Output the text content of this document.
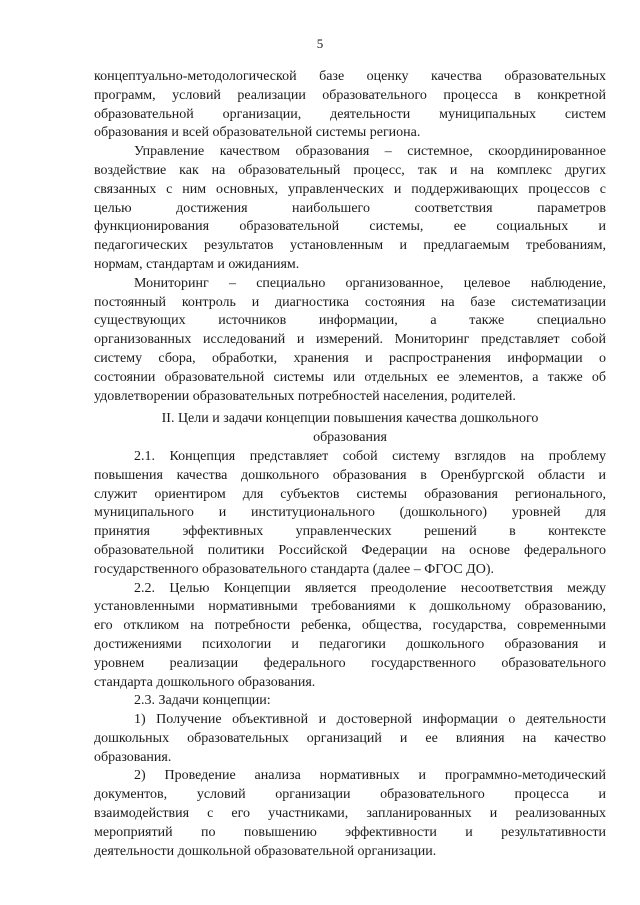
5
концептуально-методологической базе оценку качества образовательных
программ, условий реализации образовательного процесса в конкретной
образовательной организации, деятельности муниципальных систем
образования и всей образовательной системы региона.
Управление качеством образования – системное, скоординированное
воздействие как на образовательный процесс, так и на комплекс других
связанных с ним основных, управленческих и поддерживающих процессов с
целью достижения наибольшего соответствия параметров
функционирования образовательной системы, ее социальных и
педагогических результатов установленным и предлагаемым требованиям,
нормам, стандартам и ожиданиям.
Мониторинг – специально организованное, целевое наблюдение,
постоянный контроль и диагностика состояния на базе систематизации
существующих источников информации, а также специально
организованных исследований и измерений. Мониторинг представляет собой
систему сбора, обработки, хранения и распространения информации о
состоянии образовательной системы или отдельных ее элементов, а также об
удовлетворении образовательных потребностей населения, родителей.
II. Цели и задачи концепции повышения качества дошкольного
образования
2.1. Концепция представляет собой систему взглядов на проблему
повышения качества дошкольного образования в Оренбургской области и
служит ориентиром для субъектов системы образования регионального,
муниципального и институционального (дошкольного) уровней для
принятия эффективных управленческих решений в контексте
образовательной политики Российской Федерации на основе федерального
государственного образовательного стандарта (далее – ФГОС ДО).
2.2. Целью Концепции является преодоление несоответствия между
установленными нормативными требованиями к дошкольному образованию,
его откликом на потребности ребенка, общества, государства, современными
достижениями психологии и педагогики дошкольного образования и
уровнем реализации федерального государственного образовательного
стандарта дошкольного образования.
2.3. Задачи концепции:
1) Получение объективной и достоверной информации о деятельности
дошкольных образовательных организаций и ее влияния на качество
образования.
2) Проведение анализа нормативных и программно-методический
документов, условий организации образовательного процесса и
взаимодействия с его участниками, запланированных и реализованных
мероприятий по повышению эффективности и результативности
деятельности дошкольной образовательной организации.
